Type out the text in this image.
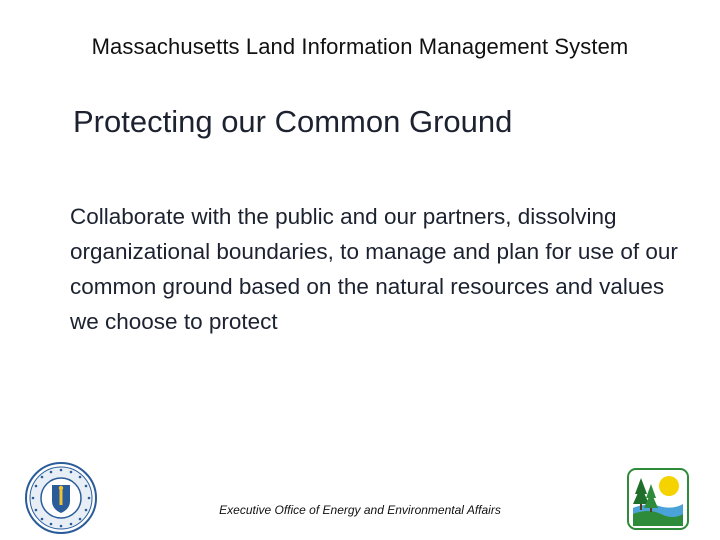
Massachusetts Land Information Management System
Protecting our Common Ground
Collaborate with the public and our partners, dissolving organizational boundaries, to manage and plan for use of our common ground based on the natural resources and values we choose to protect
Executive Office of Energy and Environmental Affairs
